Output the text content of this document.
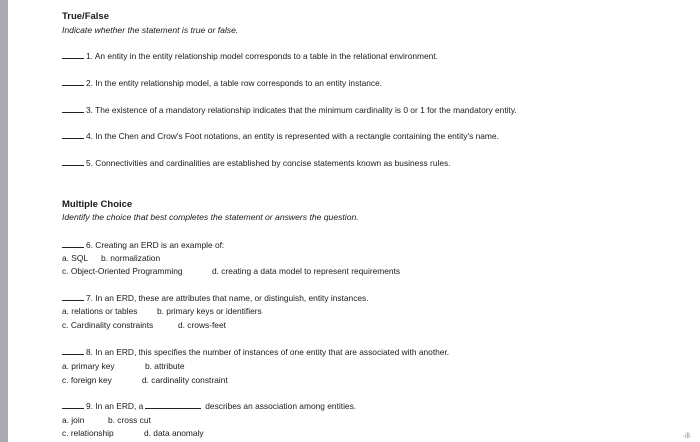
True/False
Indicate whether the statement is true or false.
1. An entity in the entity relationship model corresponds to a table in the relational environment.
2. In the entity relationship model, a table row corresponds to an entity instance.
3. The existence of a mandatory relationship indicates that the minimum cardinality is 0 or 1 for the mandatory entity.
4. In the Chen and Crow's Foot notations, an entity is represented with a rectangle containing the entity's name.
5. Connectivities and cardinalities are established by concise statements known as business rules.
Multiple Choice
Identify the choice that best completes the statement or answers the question.
6. Creating an ERD is an example of:
a. SQL b. normalization
c. Object-Oriented Programming	d. creating a data model to represent requirements
7. In an ERD, these are attributes that name, or distinguish, entity instances.
a. relations or tables b. primary keys or identifiers
c. Cardinality constraints	d. crows-feet
8. In an ERD, this specifies the number of instances of one entity that are associated with another.
a. primary key	b. attribute
c. foreign key	d. cardinality constraint
9. In an ERD, a	describes an association among entities.
a. join	b. cross cut
c. relationship	d. data anomaly	·ill·
